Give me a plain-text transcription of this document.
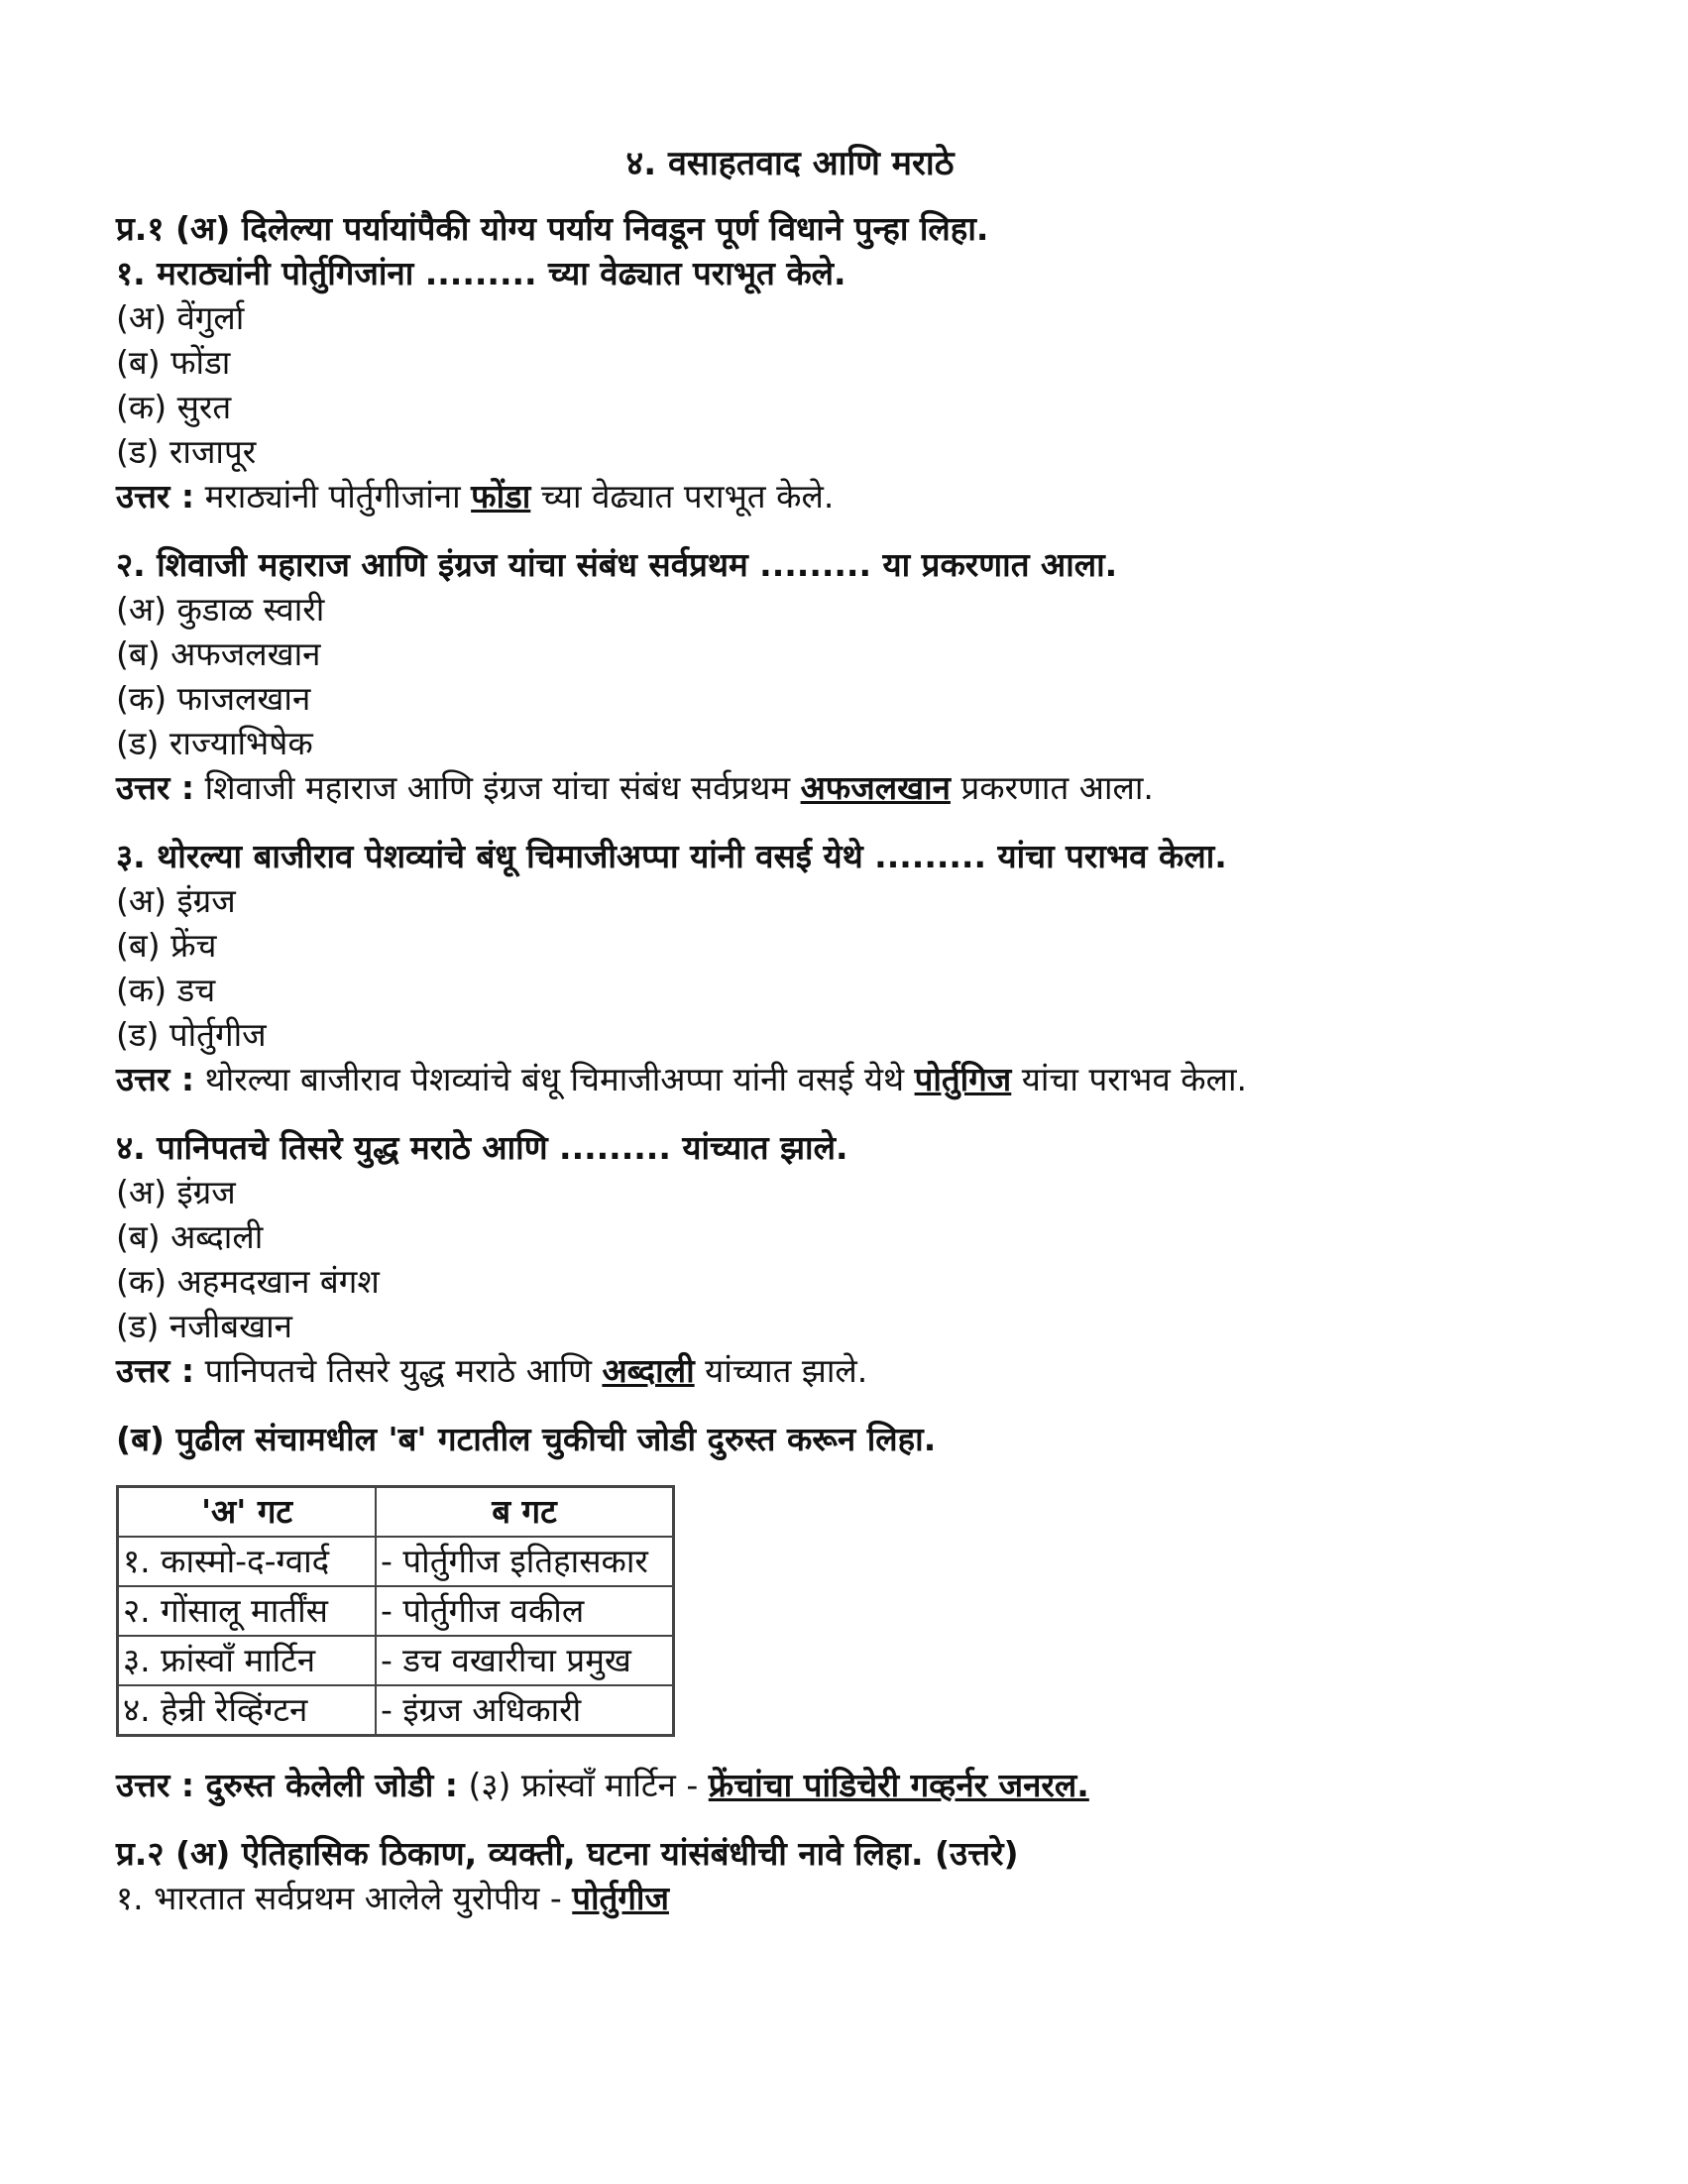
४. वसाहतवाद आणि मराठे
प्र.१ (अ) दिलेल्या पर्यायांपैकी योग्य पर्याय निवडून पूर्ण विधाने पुन्हा लिहा.
१. मराठ्यांनी पोर्तुगिजांना ......... च्या वेढ्यात पराभूत केले.
(अ) वेंगुर्ला
(ब) फोंडा
(क) सुरत
(ड) राजापूर
उत्तर : मराठ्यांनी पोर्तुगीजांना फोंडा च्या वेढ्यात पराभूत केले.
२. शिवाजी महाराज आणि इंग्रज यांचा संबंध सर्वप्रथम ......... या प्रकरणात आला.
(अ) कुडाळ स्वारी
(ब) अफजलखान
(क) फाजलखान
(ड) राज्याभिषेक
उत्तर : शिवाजी महाराज आणि इंग्रज यांचा संबंध सर्वप्रथम अफजलखान प्रकरणात आला.
३. थोरल्या बाजीराव पेशव्यांचे बंधू चिमाजीअप्पा यांनी वसई येथे ......... यांचा पराभव केला.
(अ) इंग्रज
(ब) फ्रेंच
(क) डच
(ड) पोर्तुगीज
उत्तर : थोरल्या बाजीराव पेशव्यांचे बंधू चिमाजीअप्पा यांनी वसई येथे पोर्तुगिज यांचा पराभव केला.
४. पानिपतचे तिसरे युद्ध मराठे आणि ......... यांच्यात झाले.
(अ) इंग्रज
(ब) अब्दाली
(क) अहमदखान बंगश
(ड) नजीबखान
उत्तर : पानिपतचे तिसरे युद्ध मराठे आणि अब्दाली यांच्यात झाले.
(ब) पुढील संचामधील 'ब' गटातील चुकीची जोडी दुरुस्त करून लिहा.
'अ' गट	ब गट
१. कास्मो-द-ग्वार्द	- पोर्तुगीज इतिहासकार
२. गोंसालू मार्तींस	- पोर्तुगीज वकील
३. फ्रांस्वाँ मार्टिन	- डच वखारीचा प्रमुख
४. हेन्री रेव्हिंग्टन	- इंग्रज अधिकारी
उत्तर : दुरुस्त केलेली जोडी : (३) फ्रांस्वाँ मार्टिन - फ्रेंचांचा पांडिचेरी गव्हर्नर जनरल.
प्र.२ (अ) ऐतिहासिक ठिकाण, व्यक्ती, घटना यांसंबंधीची नावे लिहा. (उत्तरे)
१. भारतात सर्वप्रथम आलेले युरोपीय - पोर्तुगीज
